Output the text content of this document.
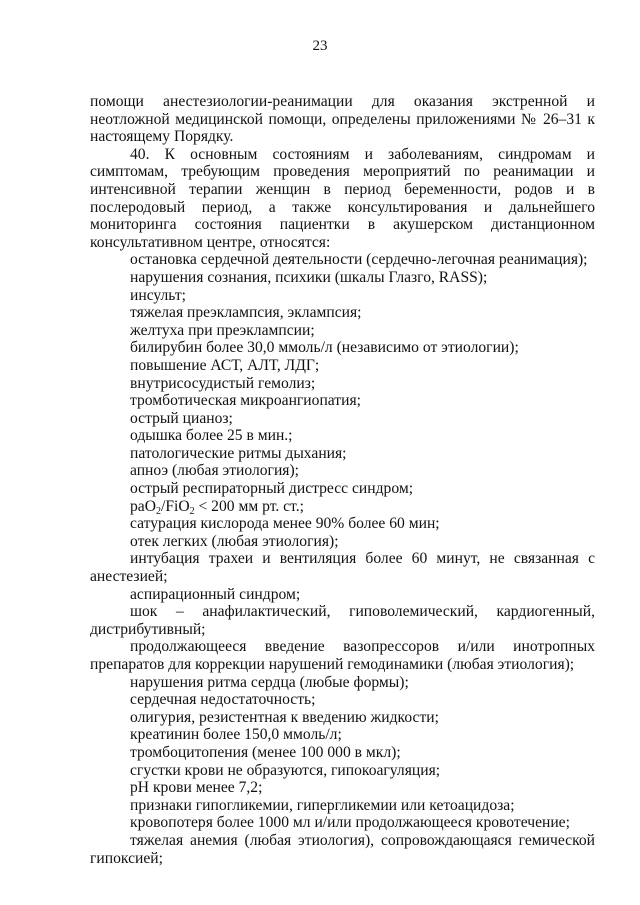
23

помощи анестезиологии-реанимации для оказания экстренной и неотложной медицинской помощи, определены приложениями № 26–31 к настоящему Порядку.

40. К основным состояниям и заболеваниям, синдромам и симптомам, требующим проведения мероприятий по реанимации и интенсивной терапии женщин в период беременности, родов и в послеродовый период, а также консультирования и дальнейшего мониторинга состояния пациентки в акушерском дистанционном консультативном центре, относятся:

остановка сердечной деятельности (сердечно-легочная реанимация);

нарушения сознания, психики (шкалы Глазго, RASS);

инсульт;

тяжелая преэклампсия, эклампсия;

желтуха при преэклампсии;

билирубин более 30,0 ммоль/л (независимо от этиологии);

повышение АСТ, АЛТ, ЛДГ;

внутрисосудистый гемолиз;

тромботическая микроангиопатия;

острый цианоз;

одышка более 25 в мин.;

патологические ритмы дыхания;

апноэ (любая этиология);

острый респираторный дистресс синдром;

раО$_2$/FiO$_2$ < 200 мм рт. ст.;

сатурация кислорода менее 90% более 60 мин;

отек легких (любая этиология);

интубация трахеи и вентиляция более 60 минут, не связанная с анестезией;

аспирационный синдром;

шок – анафилактический, гиповолемический, кардиогенный, дистрибутивный;

продолжающееся введение вазопрессоров и/или инотропных препаратов для коррекции нарушений гемодинамики (любая этиология);

нарушения ритма сердца (любые формы);

сердечная недостаточность;

олигурия, резистентная к введению жидкости;

креатинин более 150,0 ммоль/л;

тромбоцитопения (менее 100 000 в мкл);

сгустки крови не образуются, гипокоагуляция;

рН крови менее 7,2;

признаки гипогликемии, гипергликемии или кетоацидоза;

кровопотеря более 1000 мл и/или продолжающееся кровотечение;

тяжелая анемия (любая этиология), сопровождающаяся гемической гипоксией;
